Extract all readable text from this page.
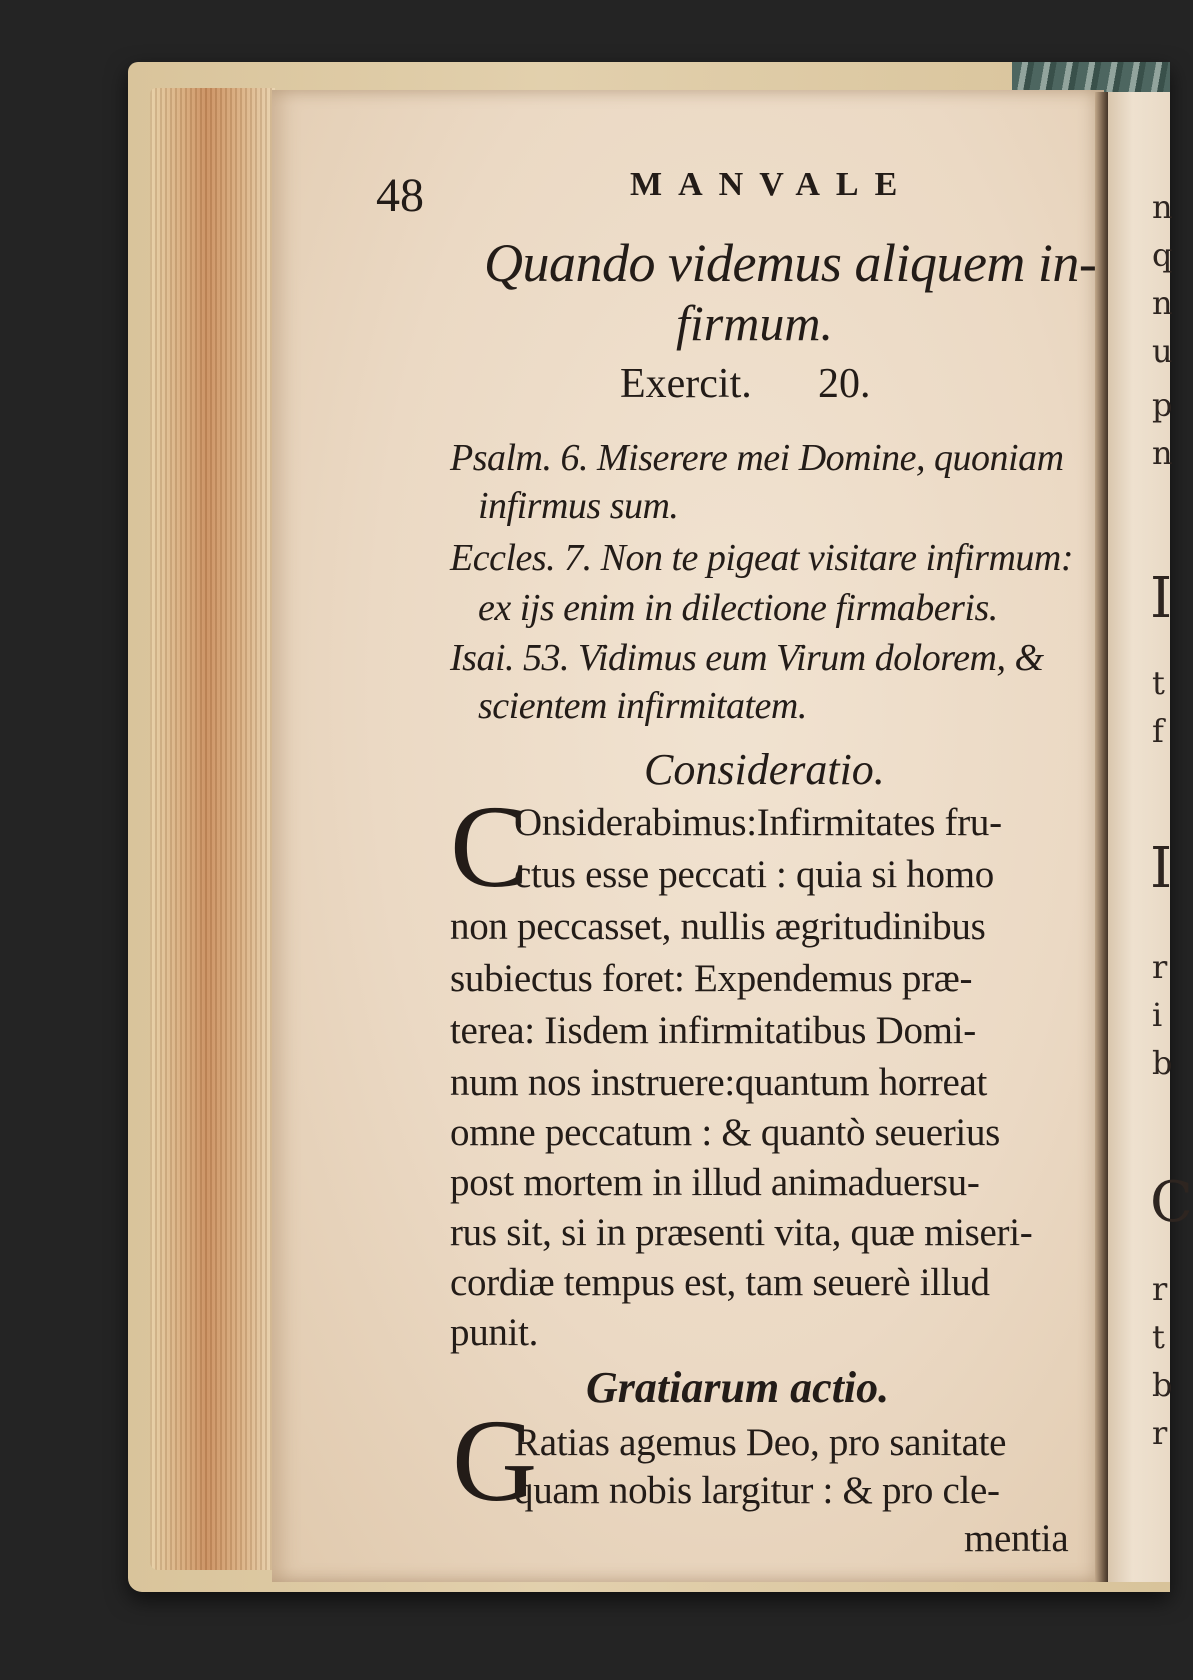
n
q
n
u
p
n
I
t
f
I
r
i
b
C
r
t
b
r
48	MANVALE
Quando videmus aliquem in-
firmum.
Exercit. 20.
Psalm. 6. Miserere mei Domine, quoniam
infirmus sum.
Eccles. 7. Non te pigeat visitare infirmum:
ex ijs enim in dilectione firmaberis.
Isai. 53. Vidimus eum Virum dolorem, &
scientem infirmitatem.
Consideratio.
C
Onsiderabimus:Infirmitates fru-
ctus esse peccati : quia si homo
non peccasset, nullis ægritudinibus
subiectus foret: Expendemus præ-
terea: Iisdem infirmitatibus Domi-
num nos instruere:quantum horreat
omne peccatum : & quantò seuerius
post mortem in illud animaduersu-
rus sit, si in præsenti vita, quæ miseri-
cordiæ tempus est, tam seuerè illud
punit.
Gratiarum actio.
G
Ratias agemus Deo, pro sanitate
quam nobis largitur : & pro cle-
mentia
